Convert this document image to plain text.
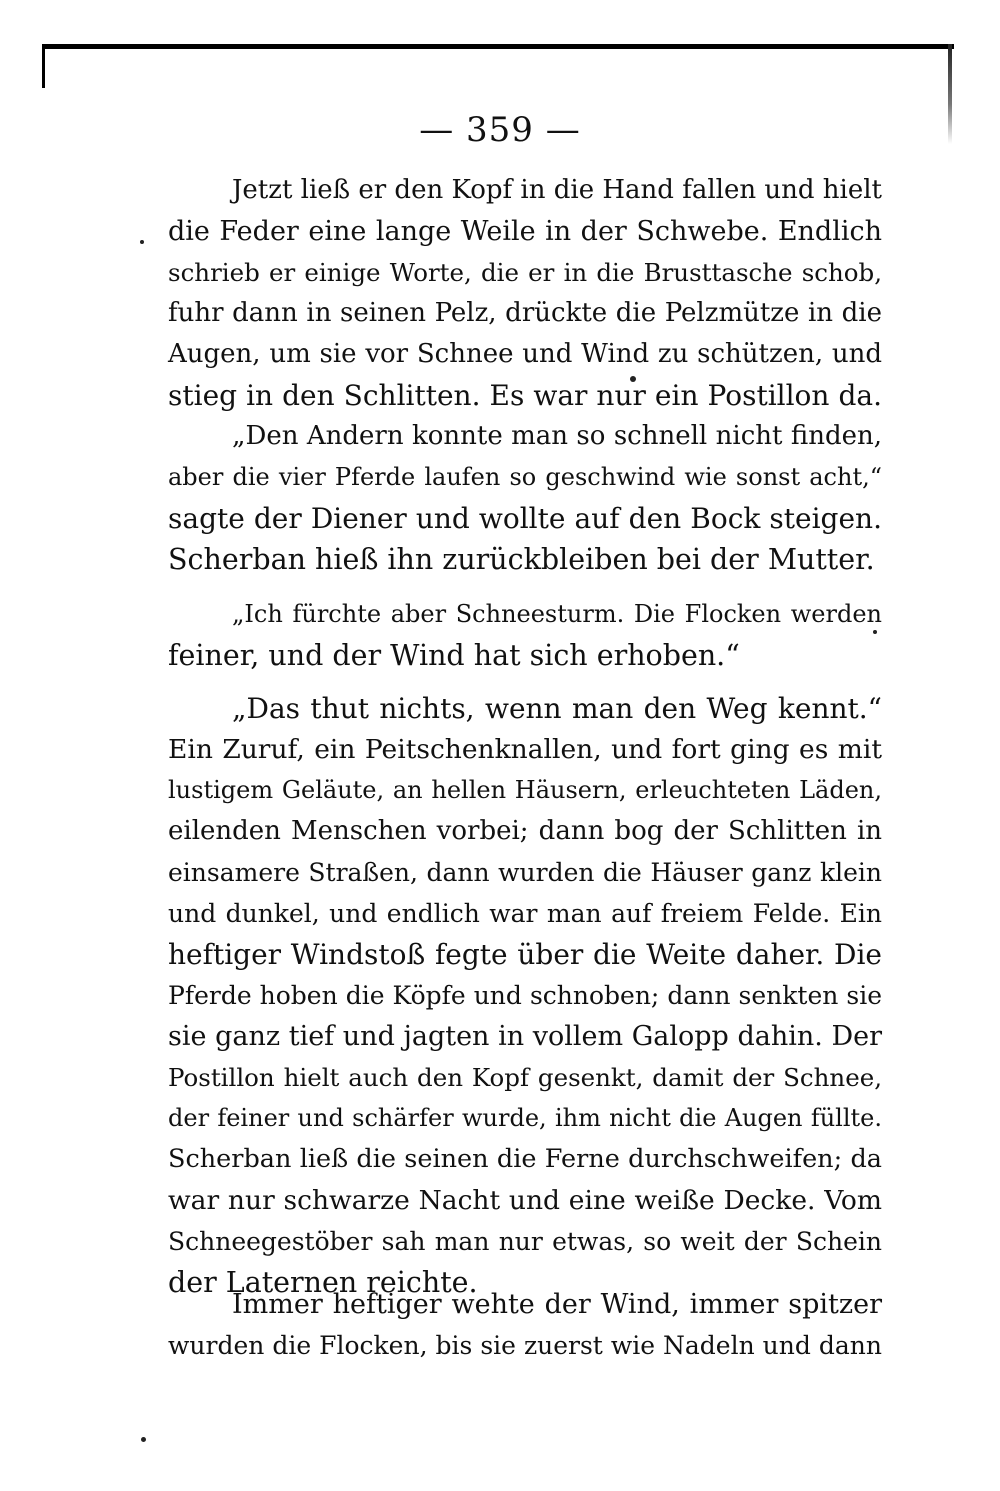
— 359 —
Jetzt ließ er den Kopf in die Hand fallen und hielt
die Feder eine lange Weile in der Schwebe. Endlich
schrieb er einige Worte, die er in die Brusttasche schob,
fuhr dann in seinen Pelz, drückte die Pelzmütze in die
Augen, um sie vor Schnee und Wind zu schützen, und
stieg in den Schlitten. Es war nur ein Postillon da.
„Den Andern konnte man so schnell nicht finden,
aber die vier Pferde laufen so geschwind wie sonst acht,“
sagte der Diener und wollte auf den Bock steigen.
Scherban hieß ihn zurückbleiben bei der Mutter.
„Ich fürchte aber Schneesturm. Die Flocken werden
feiner, und der Wind hat sich erhoben.“
„Das thut nichts, wenn man den Weg kennt.“
Ein Zuruf, ein Peitschenknallen, und fort ging es mit
lustigem Geläute, an hellen Häusern, erleuchteten Läden,
eilenden Menschen vorbei; dann bog der Schlitten in
einsamere Straßen, dann wurden die Häuser ganz klein
und dunkel, und endlich war man auf freiem Felde. Ein
heftiger Windstoß fegte über die Weite daher. Die
Pferde hoben die Köpfe und schnoben; dann senkten sie
sie ganz tief und jagten in vollem Galopp dahin. Der
Postillon hielt auch den Kopf gesenkt, damit der Schnee,
der feiner und schärfer wurde, ihm nicht die Augen füllte.
Scherban ließ die seinen die Ferne durchschweifen; da
war nur schwarze Nacht und eine weiße Decke. Vom
Schneegestöber sah man nur etwas, so weit der Schein
der Laternen reichte.
Immer heftiger wehte der Wind, immer spitzer
wurden die Flocken, bis sie zuerst wie Nadeln und dann
